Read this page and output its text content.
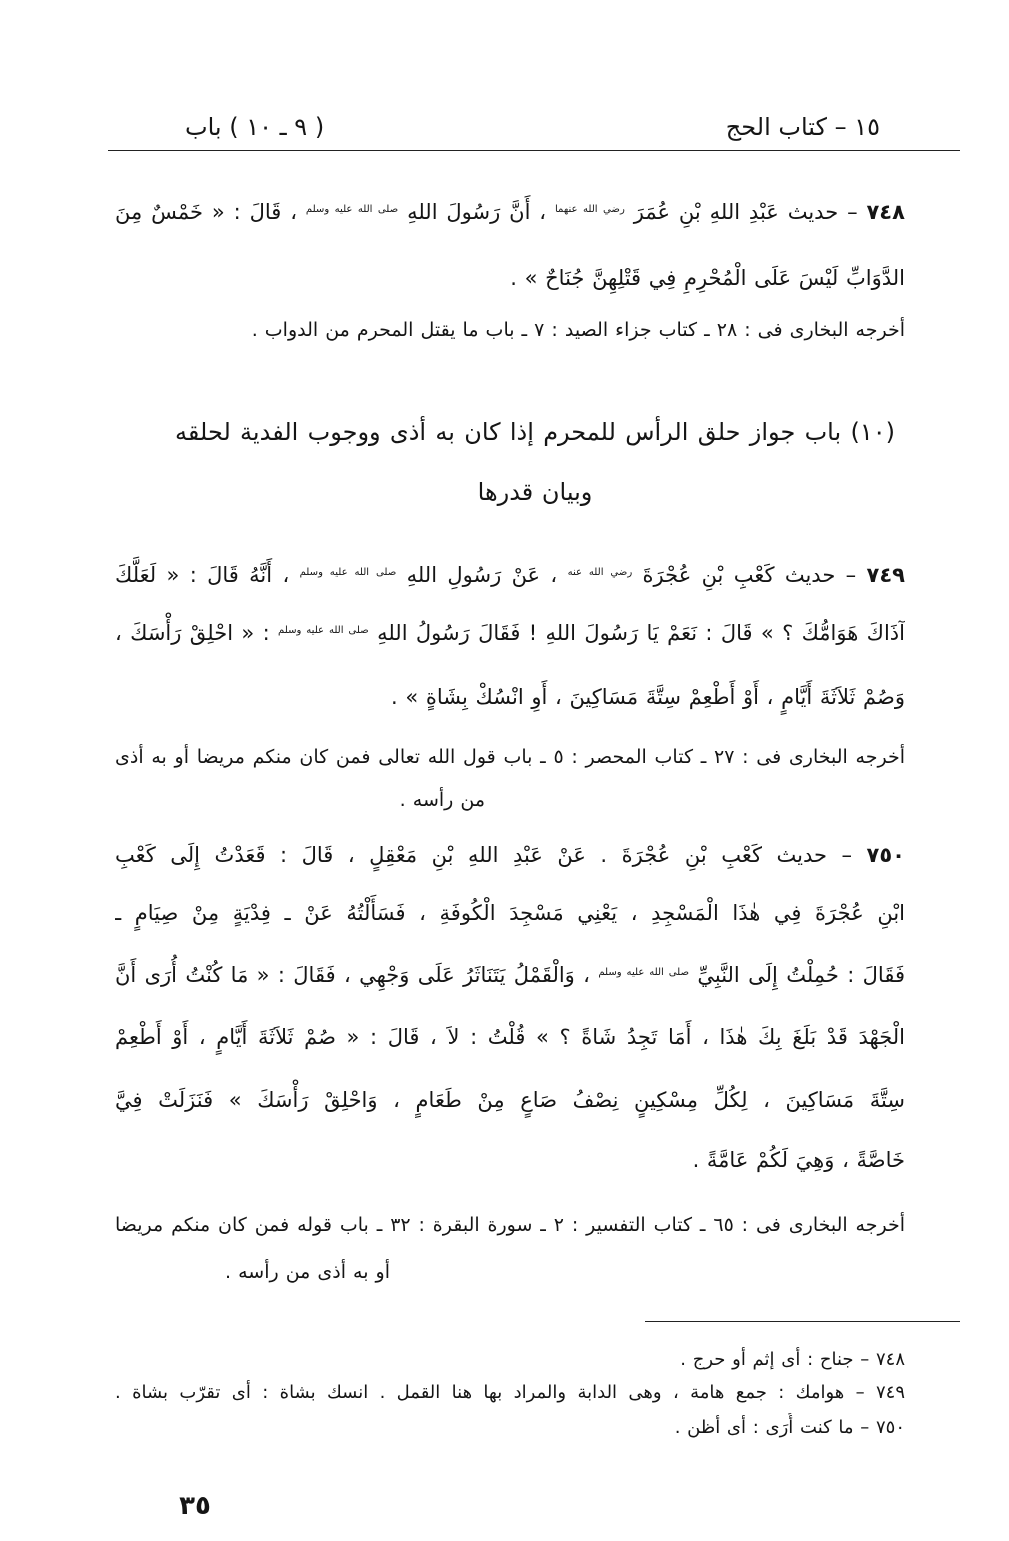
١٥ – كتاب الحج
( ٩ ـ ١٠ ) باب
٧٤٨ – حديث عَبْدِ اللهِ بْنِ عُمَرَ $^{رضي الله عنهما}$ ، أَنَّ رَسُولَ اللهِ $^{صلى الله عليه وسلم}$ ، قَالَ : « خَمْسٌ مِنَ
الدَّوَابِّ لَيْسَ عَلَى الْمُحْرِمِ فِي قَتْلِهِنَّ جُنَاحٌ » .
أخرجه البخارى فى : ٢٨ ـ كتاب جزاء الصيد : ٧ ـ باب ما يقتل المحرم من الدواب .
(١٠) باب جواز حلق الرأس للمحرم إذا كان به أذى ووجوب الفدية لحلقه
وبيان قدرها
٧٤٩ – حديث كَعْبِ بْنِ عُجْرَةَ $^{رضي الله عنه}$ ، عَنْ رَسُولِ اللهِ $^{صلى الله عليه وسلم}$ ، أَنَّهُ قَالَ : « لَعَلَّكَ
آذَاكَ هَوَامُّكَ ؟ » قَالَ : نَعَمْ يَا رَسُولَ اللهِ ! فَقَالَ رَسُولُ اللهِ $^{صلى الله عليه وسلم}$ : « احْلِقْ رَأْسَكَ ،
وَصُمْ ثَلاَثَةَ أَيَّامٍ ، أَوْ أَطْعِمْ سِتَّةَ مَسَاكِينَ ، أَوِ انْسُكْ بِشَاةٍ » .
أخرجه البخارى فى : ٢٧ ـ كتاب المحصر : ٥ ـ باب قول الله تعالى فمن كان منكم مريضا أو به أذى
من رأسه .
٧٥٠ – حديث كَعْبِ بْنِ عُجْرَةَ . عَنْ عَبْدِ اللهِ بْنِ مَعْقِلٍ ، قَالَ : قَعَدْتُ إِلَى كَعْبِ
ابْنِ عُجْرَةَ فِي هٰذَا الْمَسْجِدِ ، يَعْنِي مَسْجِدَ الْكُوفَةِ ، فَسَأَلْتُهُ عَنْ ـ فِدْيَةٍ مِنْ صِيَامٍ ـ
فَقَالَ : حُمِلْتُ إِلَى النَّبِيِّ $^{صلى الله عليه وسلم}$ ، وَالْقَمْلُ يَتَنَاثَرُ عَلَى وَجْهِي ، فَقَالَ : « مَا كُنْتُ أُرَى أَنَّ
الْجَهْدَ قَدْ بَلَغَ بِكَ هٰذَا ، أَمَا تَجِدُ شَاةً ؟ » قُلْتُ : لاَ ، قَالَ : « صُمْ ثَلاَثَةَ أَيَّامٍ ، أَوْ أَطْعِمْ
سِتَّةَ مَسَاكِينَ ، لِكُلِّ مِسْكِينٍ نِصْفُ صَاعٍ مِنْ طَعَامٍ ، وَاحْلِقْ رَأْسَكَ » فَنَزَلَتْ فِيَّ
خَاصَّةً ، وَهِيَ لَكُمْ عَامَّةً .
أخرجه البخارى فى : ٦٥ ـ كتاب التفسير : ٢ ـ سورة البقرة : ٣٢ ـ باب قوله فمن كان منكم مريضا
أو به أذى من رأسه .
٧٤٨ – جناح : أى إثم أو حرج .
٧٤٩ – هوامك : جمع هامة ، وهى الدابة والمراد بها هنا القمل . انسك بشاة : أى تقرّب بشاة .
٧٥٠ – ما كنت أُرَى : أى أظن .
٣٥
